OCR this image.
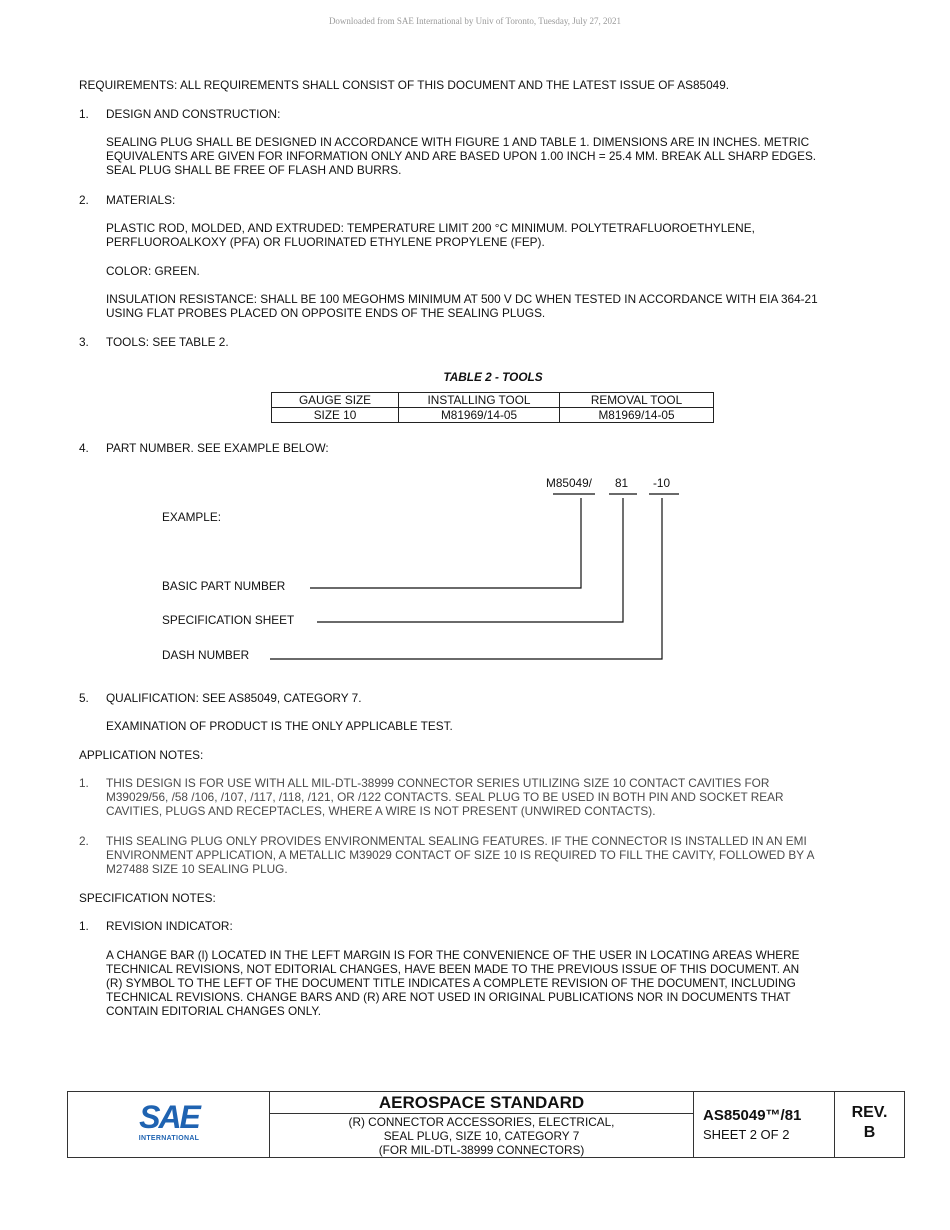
Downloaded from SAE International by Univ of Toronto, Tuesday, July 27, 2021
REQUIREMENTS: ALL REQUIREMENTS SHALL CONSIST OF THIS DOCUMENT AND THE LATEST ISSUE OF AS85049.
1. DESIGN AND CONSTRUCTION:
SEALING PLUG SHALL BE DESIGNED IN ACCORDANCE WITH FIGURE 1 AND TABLE 1. DIMENSIONS ARE IN INCHES. METRIC
EQUIVALENTS ARE GIVEN FOR INFORMATION ONLY AND ARE BASED UPON 1.00 INCH = 25.4 MM. BREAK ALL SHARP EDGES.
SEAL PLUG SHALL BE FREE OF FLASH AND BURRS.
2. MATERIALS:
PLASTIC ROD, MOLDED, AND EXTRUDED: TEMPERATURE LIMIT 200 °C MINIMUM. POLYTETRAFLUOROETHYLENE,
PERFLUOROALKOXY (PFA) OR FLUORINATED ETHYLENE PROPYLENE (FEP).
COLOR: GREEN.
INSULATION RESISTANCE: SHALL BE 100 MEGOHMS MINIMUM AT 500 V DC WHEN TESTED IN ACCORDANCE WITH EIA 364-21
USING FLAT PROBES PLACED ON OPPOSITE ENDS OF THE SEALING PLUGS.
3. TOOLS: SEE TABLE 2.
TABLE 2 - TOOLS
GAUGE SIZE	INSTALLING TOOL	REMOVAL TOOL
SIZE 10	M81969/14-05	M81969/14-05
4. PART NUMBER. SEE EXAMPLE BELOW:
M85049/ 81 -10
EXAMPLE:
BASIC PART NUMBER
SPECIFICATION SHEET
DASH NUMBER
5. QUALIFICATION: SEE AS85049, CATEGORY 7.
EXAMINATION OF PRODUCT IS THE ONLY APPLICABLE TEST.
APPLICATION NOTES:
1. THIS DESIGN IS FOR USE WITH ALL MIL-DTL-38999 CONNECTOR SERIES UTILIZING SIZE 10 CONTACT CAVITIES FOR
M39029/56, /58 /106, /107, /117, /118, /121, OR /122 CONTACTS. SEAL PLUG TO BE USED IN BOTH PIN AND SOCKET REAR
CAVITIES, PLUGS AND RECEPTACLES, WHERE A WIRE IS NOT PRESENT (UNWIRED CONTACTS).
2. THIS SEALING PLUG ONLY PROVIDES ENVIRONMENTAL SEALING FEATURES. IF THE CONNECTOR IS INSTALLED IN AN EMI
ENVIRONMENT APPLICATION, A METALLIC M39029 CONTACT OF SIZE 10 IS REQUIRED TO FILL THE CAVITY, FOLLOWED BY A
M27488 SIZE 10 SEALING PLUG.
SPECIFICATION NOTES:
1. REVISION INDICATOR:
A CHANGE BAR (l) LOCATED IN THE LEFT MARGIN IS FOR THE CONVENIENCE OF THE USER IN LOCATING AREAS WHERE
TECHNICAL REVISIONS, NOT EDITORIAL CHANGES, HAVE BEEN MADE TO THE PREVIOUS ISSUE OF THIS DOCUMENT. AN
(R) SYMBOL TO THE LEFT OF THE DOCUMENT TITLE INDICATES A COMPLETE REVISION OF THE DOCUMENT, INCLUDING
TECHNICAL REVISIONS. CHANGE BARS AND (R) ARE NOT USED IN ORIGINAL PUBLICATIONS NOR IN DOCUMENTS THAT
CONTAIN EDITORIAL CHANGES ONLY.
SAE
INTERNATIONAL
AEROSPACE STANDARD
(R) CONNECTOR ACCESSORIES, ELECTRICAL,
SEAL PLUG, SIZE 10, CATEGORY 7
(FOR MIL-DTL-38999 CONNECTORS)
AS85049™/81
SHEET 2 OF 2
REV.
B
